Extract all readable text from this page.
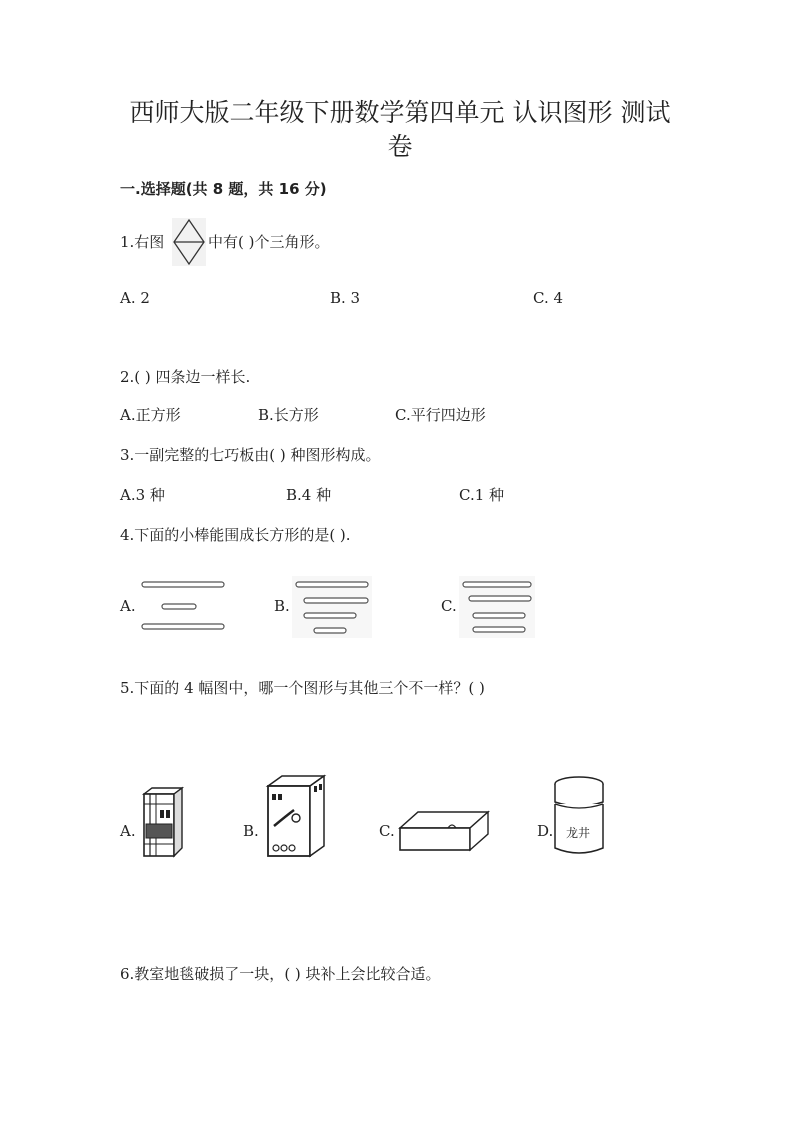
西师大版二年级下册数学第四单元 认识图形 测试
卷
一.选择题(共 8 题，共 16 分)
1.右图	中有( )个三角形。
A. 2	B. 3	C. 4
2.( ) 四条边一样长.
A.正方形	B.长方形	C.平行四边形
3.一副完整的七巧板由( ) 种图形构成。
A.3 种	B.4 种	C.1 种
4.下面的小棒能围成长方形的是( ).
A.	B.	C.
5.下面的 4 幅图中，哪一个图形与其他三个不一样？( )
A.	B.	C.	D. 龙井
6.教室地毯破损了一块，( ) 块补上会比较合适。
